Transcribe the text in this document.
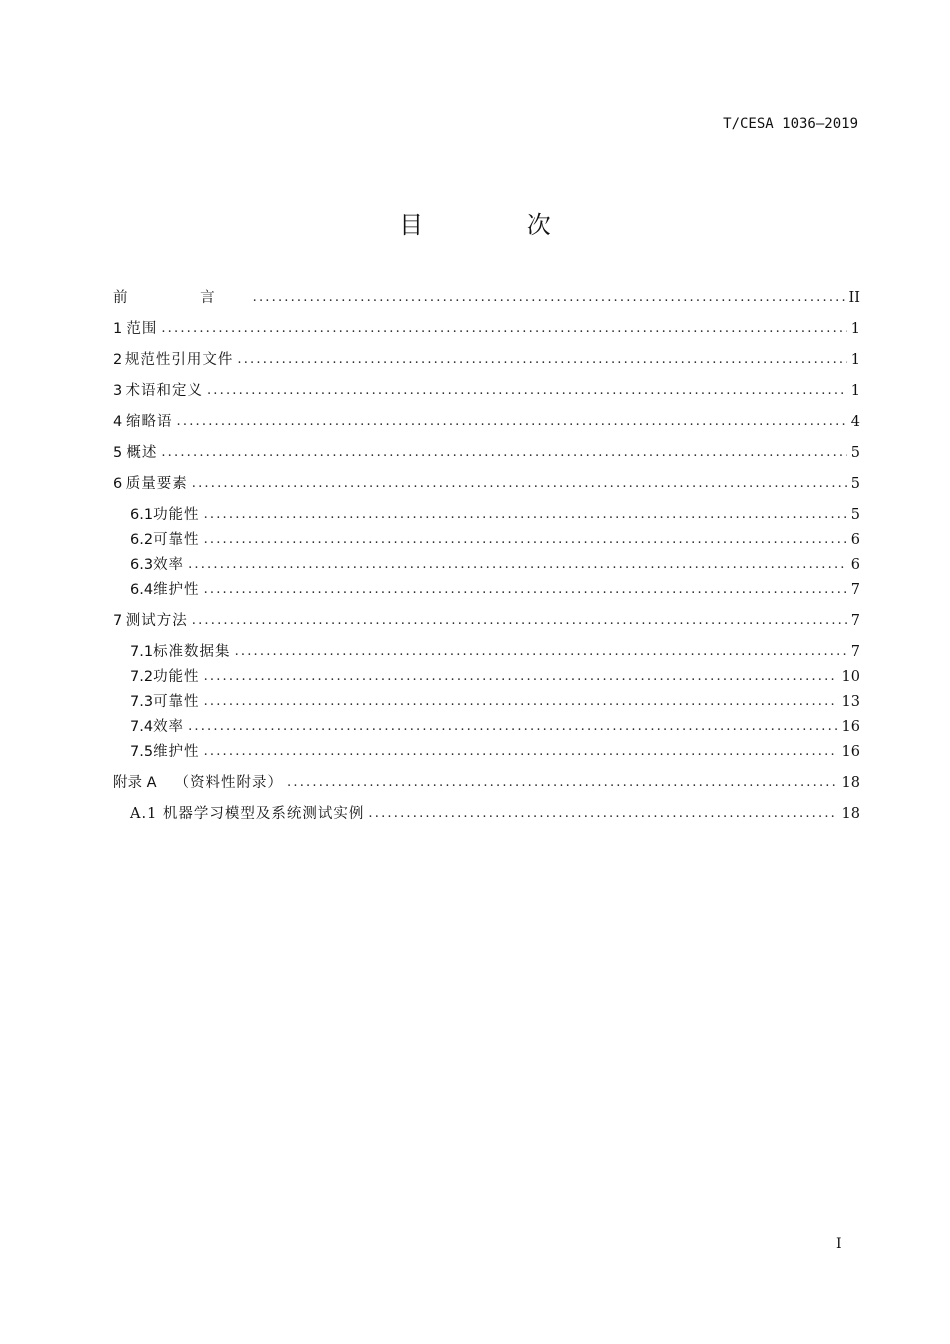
T/CESA 1036—2019
目 次
前 言 .....	II
1 范围 .....	1
2 规范性引用文件 .....	1
3 术语和定义 .....	1
4 缩略语 .....	4
5 概述 .....	5
6 质量要素 .....	5
6.1 功能性 .....	5
6.2 可靠性 .....	6
6.3 效率 .....	6
6.4 维护性 .....	7
7 测试方法 .....	7
7.1 标准数据集 .....	7
7.2 功能性 .....	10
7.3 可靠性 .....	13
7.4 效率 .....	16
7.5 维护性 .....	16
附录 A （资料性附录） .....	18
A.1 机器学习模型及系统测试实例 .....	18
I
